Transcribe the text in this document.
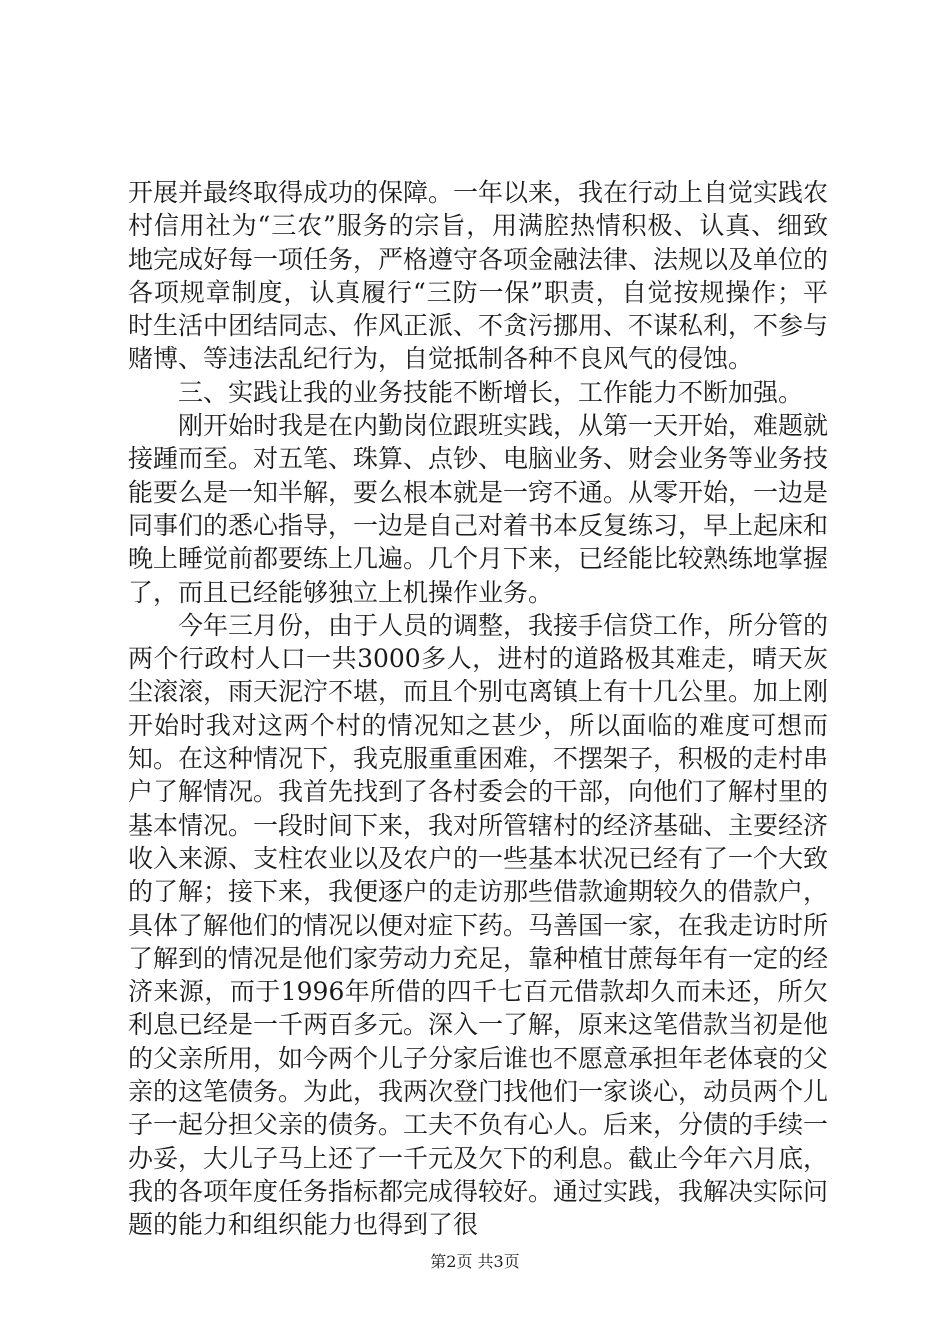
开展并最终取得成功的保障。一年以来，我在行动上自觉实践农村信用社为“三农”服务的宗旨，用满腔热情积极、认真、细致地完成好每一项任务，严格遵守各项金融法律、法规以及单位的各项规章制度，认真履行“三防一保”职责，自觉按规操作；平时生活中团结同志、作风正派、不贪污挪用、不谋私利，不参与赌博、等违法乱纪行为，自觉抵制各种不良风气的侵蚀。

三、实践让我的业务技能不断增长，工作能力不断加强。

刚开始时我是在内勤岗位跟班实践，从第一天开始，难题就接踵而至。对五笔、珠算、点钞、电脑业务、财会业务等业务技能要么是一知半解，要么根本就是一窍不通。从零开始，一边是同事们的悉心指导，一边是自己对着书本反复练习，早上起床和晚上睡觉前都要练上几遍。几个月下来，已经能比较熟练地掌握了，而且已经能够独立上机操作业务。

今年三月份，由于人员的调整，我接手信贷工作，所分管的两个行政村人口一共3000多人，进村的道路极其难走，晴天灰尘滚滚，雨天泥泞不堪，而且个别屯离镇上有十几公里。加上刚开始时我对这两个村的情况知之甚少，所以面临的难度可想而知。在这种情况下，我克服重重困难，不摆架子，积极的走村串户了解情况。我首先找到了各村委会的干部，向他们了解村里的基本情况。一段时间下来，我对所管辖村的经济基础、主要经济收入来源、支柱农业以及农户的一些基本状况已经有了一个大致的了解；接下来，我便逐户的走访那些借款逾期较久的借款户，具体了解他们的情况以便对症下药。马善国一家，在我走访时所了解到的情况是他们家劳动力充足，靠种植甘蔗每年有一定的经济来源，而于1996年所借的四千七百元借款却久而未还，所欠利息已经是一千两百多元。深入一了解，原来这笔借款当初是他的父亲所用，如今两个儿子分家后谁也不愿意承担年老体衰的父亲的这笔债务。为此，我两次登门找他们一家谈心，动员两个儿子一起分担父亲的债务。工夫不负有心人。后来，分债的手续一办妥，大儿子马上还了一千元及欠下的利息。截止今年六月底，我的各项年度任务指标都完成得较好。通过实践，我解决实际问题的能力和组织能力也得到了很

第2页 共3页
